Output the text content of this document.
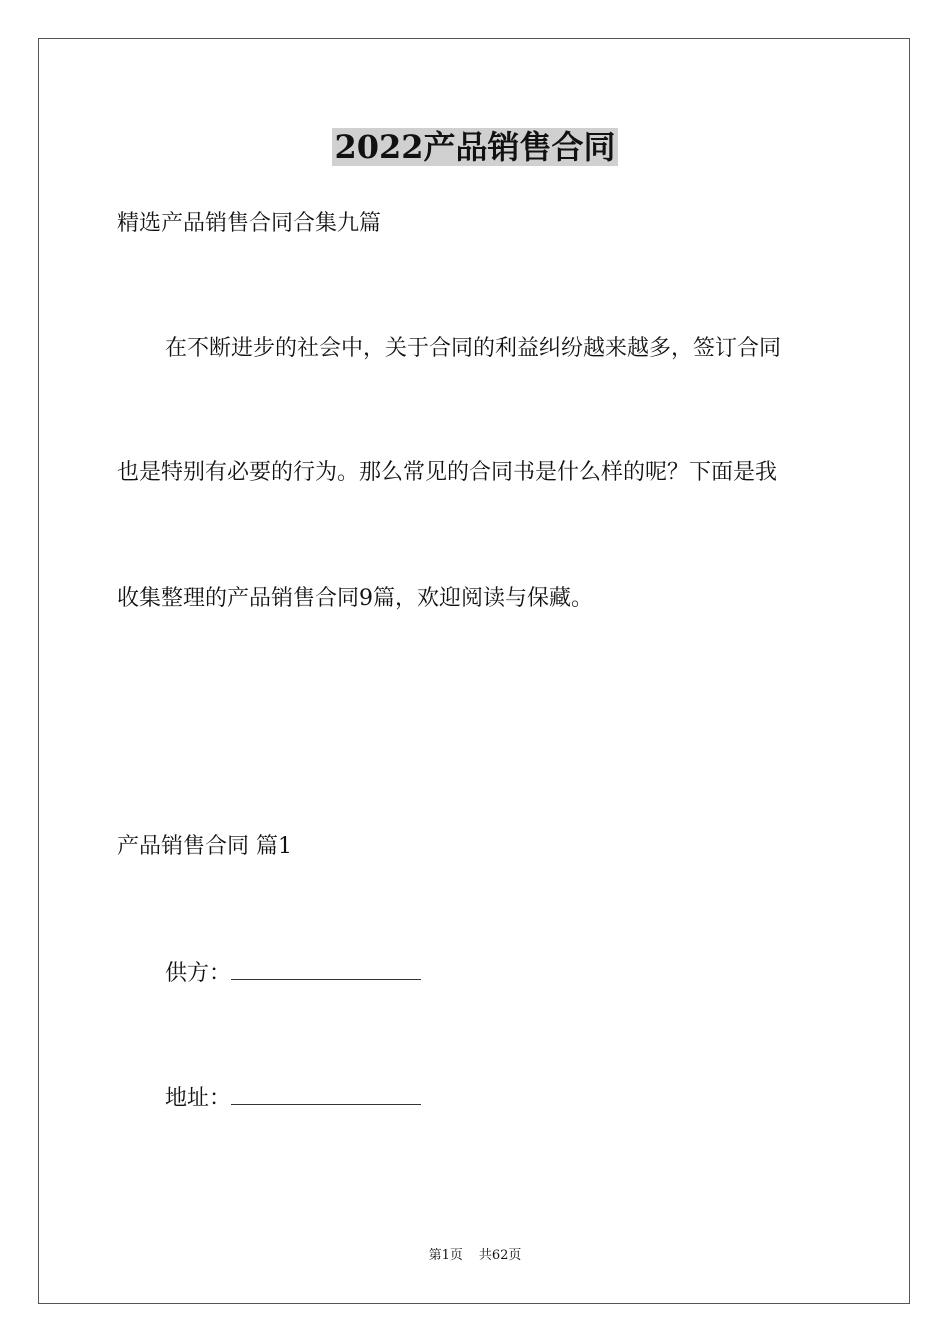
2022产品销售合同
精选产品销售合同合集九篇
在不断进步的社会中，关于合同的利益纠纷越来越多，签订合同
也是特别有必要的行为。那么常见的合同书是什么样的呢？下面是我
收集整理的产品销售合同9篇，欢迎阅读与保藏。
产品销售合同 篇1
供方：
地址：
第1页 共62页
